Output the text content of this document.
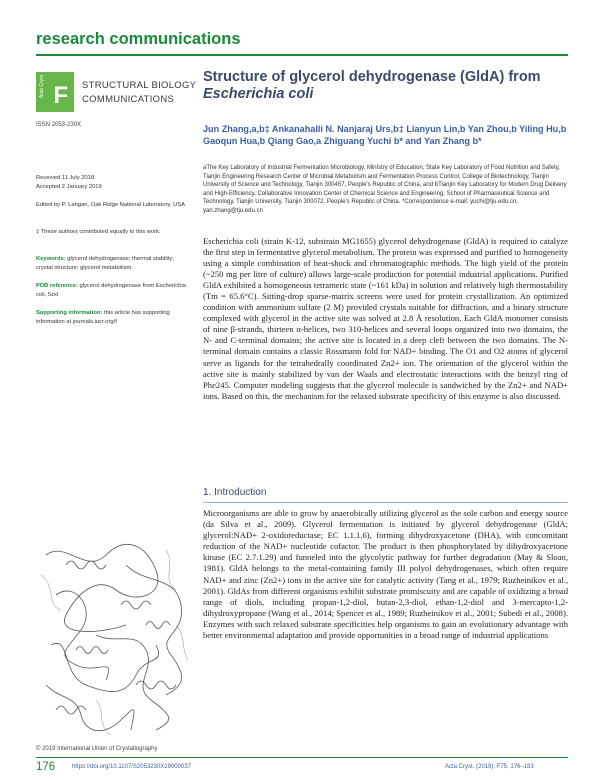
research communications
Acta Cryst F STRUCTURAL BIOLOGY
COMMUNICATIONS
ISSN 2053-230X
Structure of glycerol dehydrogenase (GldA) from
Escherichia coli
Jun Zhang,a,b‡ Ankanahalli N. Nanjaraj Urs,b‡ Lianyun Lin,b Yan Zhou,b Yiling Hu,b
Gaoqun Hua,b Qiang Gao,a Zhiguang Yuchi b* and Yan Zhang b*
aThe Key Laboratory of Industrial Fermentation Microbiology, Ministry of Education, State Key Laboratory of Food Nutrition and Safety, Tianjin Engineering Research Center of Microbial Metabolism and Fermentation Process Control, College of Biotechnology, Tianjin University of Science and Technology, Tianjin 300457, People's Republic of China, and bTianjin Key Laboratory for Modern Drug Delivery and High-Efficiency, Collaborative Innovation Center of Chemical Science and Engineering, School of Pharmaceutical Science and Technology, Tianjin University, Tianjin 300072, People's Republic of China. *Correspondence e-mail: yuchi@tju.edu.cn, yan.zhang@tju.edu.cn
Received 11 July 2018
Accepted 2 January 2019
Edited by P. Langan, Oak Ridge National Laboratory, USA
‡ These authors contributed equally to this work.
Keywords: glycerol dehydrogenase; thermal stability; crystal structure; glycerol metabolism.
PDB reference: glycerol dehydrogenase from Escherichia coli, 5zxl
Supporting information: this article has supporting information at journals.iucr.org/f
Escherichia coli (strain K-12, substrain MG1655) glycerol dehydrogenase (GldA) is required to catalyze the first step in fermentative glycerol metabolism. The protein was expressed and purified to homogeneity using a simple combination of heat-shock and chromatographic methods. The high yield of the protein (~250 mg per litre of culture) allows large-scale production for potential industrial applications. Purified GldA exhibited a homogeneous tetrameric state (~161 kDa) in solution and relatively high thermostability (Tm = 65.6°C). Sitting-drop sparse-matrix screens were used for protein crystallization. An optimized condition with ammonium sulfate (2 M) provided crystals suitable for diffraction, and a binary structure complexed with glycerol in the active site was solved at 2.8 Å resolution. Each GldA monomer consists of nine β-strands, thirteen α-helices, two 310-helices and several loops organized into two domains, the N- and C-terminal domains; the active site is located in a deep cleft between the two domains. The N-terminal domain contains a classic Rossmann fold for NAD+ binding. The O1 and O2 atoms of glycerol serve as ligands for the tetrahedrally coordinated Zn2+ ion. The orientation of the glycerol within the active site is mainly stabilized by van der Waals and electrostatic interactions with the benzyl ring of Phe245. Computer modeling suggests that the glycerol molecule is sandwiched by the Zn2+ and NAD+ ions. Based on this, the mechanism for the relaxed substrate specificity of this enzyme is also discussed.
1. Introduction
Microorganisms are able to grow by anaerobically utilizing glycerol as the sole carbon and energy source (da Silva et al., 2009). Glycerol fermentation is initiated by glycerol dehydrogenase (GldA; glycerol:NAD+ 2-oxidoreductase; EC 1.1.1.6), forming dihydroxyacetone (DHA), with concomitant reduction of the NAD+ nucleotide cofactor. The product is then phosphorylated by dihydroxyacetone kinase (EC 2.7.1.29) and funneled into the glycolytic pathway for further degradation (May & Sloan, 1981). GldA belongs to the metal-containing family III polyol dehydrogenases, which often require NAD+ and zinc (Zn2+) ions in the active site for catalytic activity (Tang et al., 1979; Ruzheinikov et al., 2001). GldAs from different organisms exhibit substrate promiscuity and are capable of oxidizing a broad range of diols, including propan-1,2-diol, butan-2,3-diol, ethan-1,2-diol and 3-mercapto-1,2-dihydroxypropane (Wang et al., 2014; Spencer et al., 1989; Ruzheinikov et al., 2001; Subedi et al., 2008). Enzymes with such relaxed substrate specificities help organisms to gain an evolutionary advantage with better environmental adaptation and provide opportunities in a broad range of industrial applications
© 2019 International Union of Crystallography
176	https://doi.org/10.1107/S2053230X19000037	Acta Cryst. (2019). F75, 176–183
